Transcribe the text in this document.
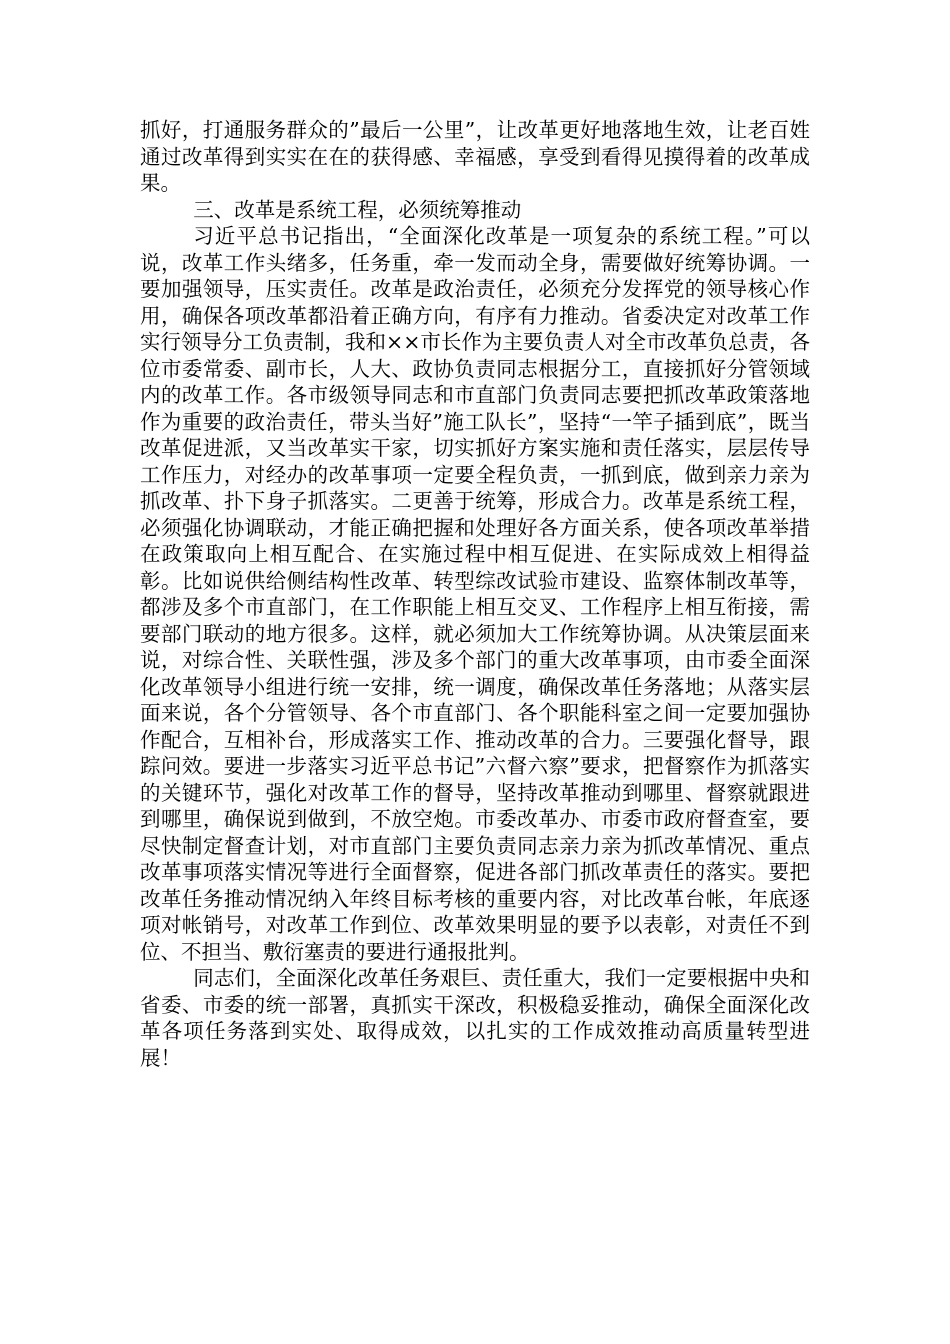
抓好，打通服务群众的”最后一公里”，让改革更好地落地生效，让老百姓通过改革得到实实在在的获得感、幸福感，享受到看得见摸得着的改革成果。

三、改革是系统工程，必须统筹推动

习近平总书记指出，“全面深化改革是一项复杂的系统工程。”可以说，改革工作头绪多，任务重，牵一发而动全身，需要做好统筹协调。一要加强领导，压实责任。改革是政治责任，必须充分发挥党的领导核心作用，确保各项改革都沿着正确方向，有序有力推动。省委决定对改革工作实行领导分工负责制，我和××市长作为主要负责人对全市改革负总责，各位市委常委、副市长，人大、政协负责同志根据分工，直接抓好分管领域内的改革工作。各市级领导同志和市直部门负责同志要把抓改革政策落地作为重要的政治责任，带头当好”施工队长”，坚持“一竿子插到底”，既当改革促进派，又当改革实干家，切实抓好方案实施和责任落实，层层传导工作压力，对经办的改革事项一定要全程负责，一抓到底，做到亲力亲为抓改革、扑下身子抓落实。二更善于统筹，形成合力。改革是系统工程，必须强化协调联动，才能正确把握和处理好各方面关系，使各项改革举措在政策取向上相互配合、在实施过程中相互促进、在实际成效上相得益彰。比如说供给侧结构性改革、转型综改试验市建设、监察体制改革等，都涉及多个市直部门，在工作职能上相互交叉、工作程序上相互衔接，需要部门联动的地方很多。这样，就必须加大工作统筹协调。从决策层面来说，对综合性、关联性强，涉及多个部门的重大改革事项，由市委全面深化改革领导小组进行统一安排，统一调度，确保改革任务落地；从落实层面来说，各个分管领导、各个市直部门、各个职能科室之间一定要加强协作配合，互相补台，形成落实工作、推动改革的合力。三要强化督导，跟踪问效。要进一步落实习近平总书记”六督六察”要求，把督察作为抓落实的关键环节，强化对改革工作的督导，坚持改革推动到哪里、督察就跟进到哪里，确保说到做到，不放空炮。市委改革办、市委市政府督查室，要尽快制定督查计划，对市直部门主要负责同志亲力亲为抓改革情况、重点改革事项落实情况等进行全面督察，促进各部门抓改革责任的落实。要把改革任务推动情况纳入年终目标考核的重要内容，对比改革台帐，年底逐项对帐销号，对改革工作到位、改革效果明显的要予以表彰，对责任不到位、不担当、敷衍塞责的要进行通报批判。

同志们，全面深化改革任务艰巨、责任重大，我们一定要根据中央和省委、市委的统一部署，真抓实干深改，积极稳妥推动，确保全面深化改革各项任务落到实处、取得成效，以扎实的工作成效推动高质量转型进展！
